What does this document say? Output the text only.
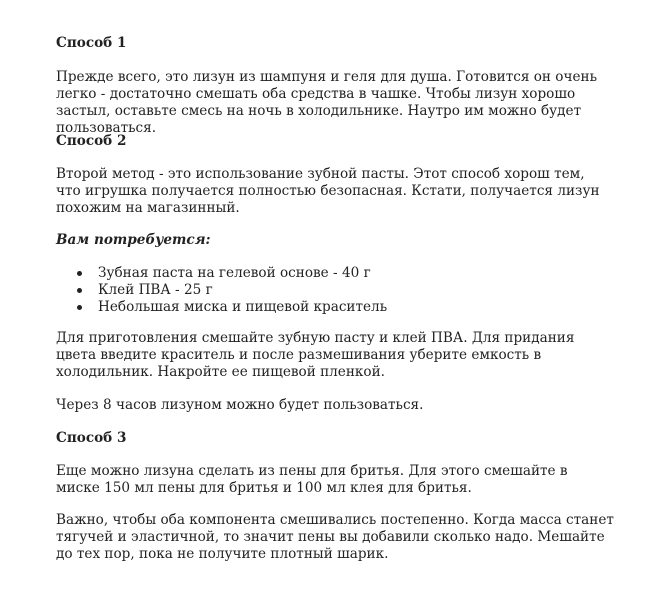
Способ 1

Прежде всего, это лизун из шампуня и геля для душа. Готовится он очень легко - достаточно смешать оба средства в чашке. Чтобы лизун хорошо застыл, оставьте смесь на ночь в холодильнике. Наутро им можно будет пользоваться.

Способ 2

Второй метод - это использование зубной пасты. Этот способ хорош тем, что игрушка получается полностью безопасная. Кстати, получается лизун похожим на магазинный.

Вам потребуется:

Зубная паста на гелевой основе - 40 г
Клей ПВА - 25 г
Небольшая миска и пищевой краситель

Для приготовления смешайте зубную пасту и клей ПВА. Для придания цвета введите краситель и после размешивания уберите емкость в холодильник. Накройте ее пищевой пленкой.

Через 8 часов лизуном можно будет пользоваться.

Способ 3

Еще можно лизуна сделать из пены для бритья. Для этого смешайте в миске 150 мл пены для бритья и 100 мл клея для бритья.

Важно, чтобы оба компонента смешивались постепенно. Когда масса станет тягучей и эластичной, то значит пены вы добавили сколько надо. Мешайте до тех пор, пока не получите плотный шарик.
